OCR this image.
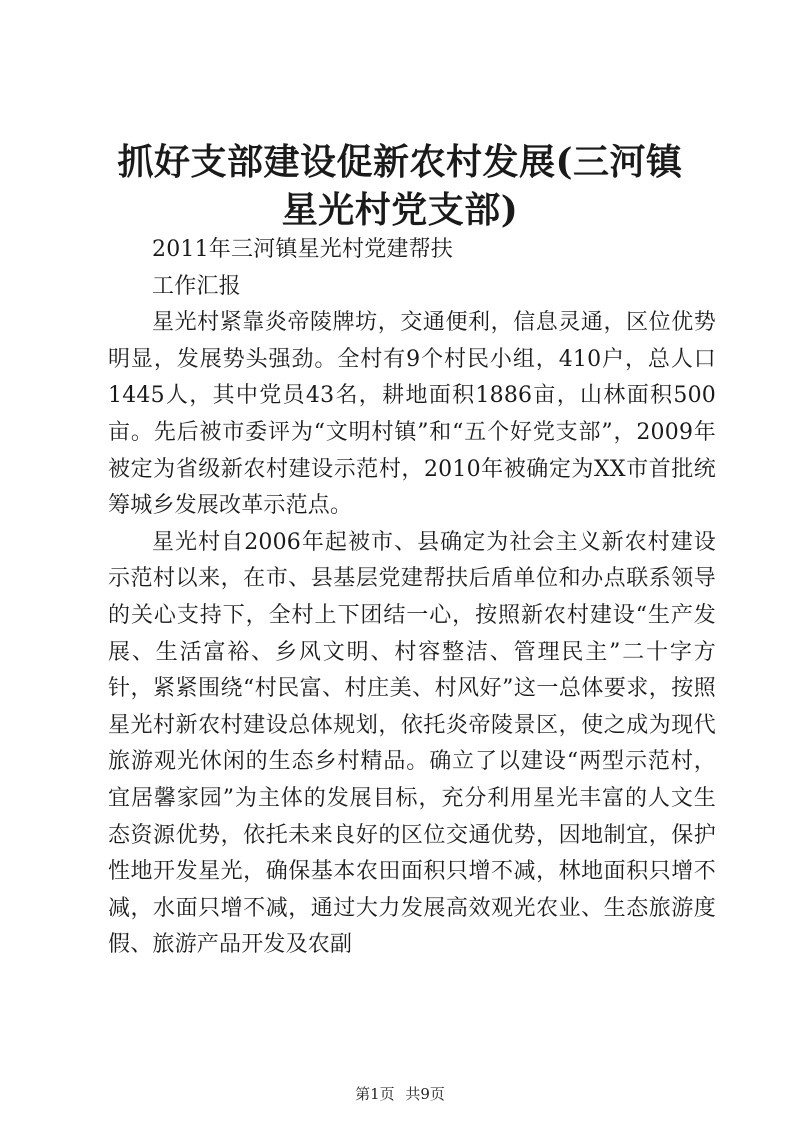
抓好支部建设促新农村发展(三河镇星光村党支部)

2011年三河镇星光村党建帮扶

工作汇报

星光村紧靠炎帝陵牌坊，交通便利，信息灵通，区位优势明显，发展势头强劲。全村有9个村民小组，410户，总人口1445人，其中党员43名，耕地面积1886亩，山林面积500亩。先后被市委评为“文明村镇”和“五个好党支部”，2009年被定为省级新农村建设示范村，2010年被确定为XX市首批统筹城乡发展改革示范点。

星光村自2006年起被市、县确定为社会主义新农村建设示范村以来，在市、县基层党建帮扶后盾单位和办点联系领导的关心支持下，全村上下团结一心，按照新农村建设“生产发展、生活富裕、乡风文明、村容整洁、管理民主”二十字方针，紧紧围绕“村民富、村庄美、村风好”这一总体要求，按照星光村新农村建设总体规划，依托炎帝陵景区，使之成为现代旅游观光休闲的生态乡村精品。确立了以建设“两型示范村，宜居馨家园”为主体的发展目标，充分利用星光丰富的人文生态资源优势，依托未来良好的区位交通优势，因地制宜，保护性地开发星光，确保基本农田面积只增不减，林地面积只增不减，水面只增不减，通过大力发展高效观光农业、生态旅游度假、旅游产品开发及农副

第1页 共9页
